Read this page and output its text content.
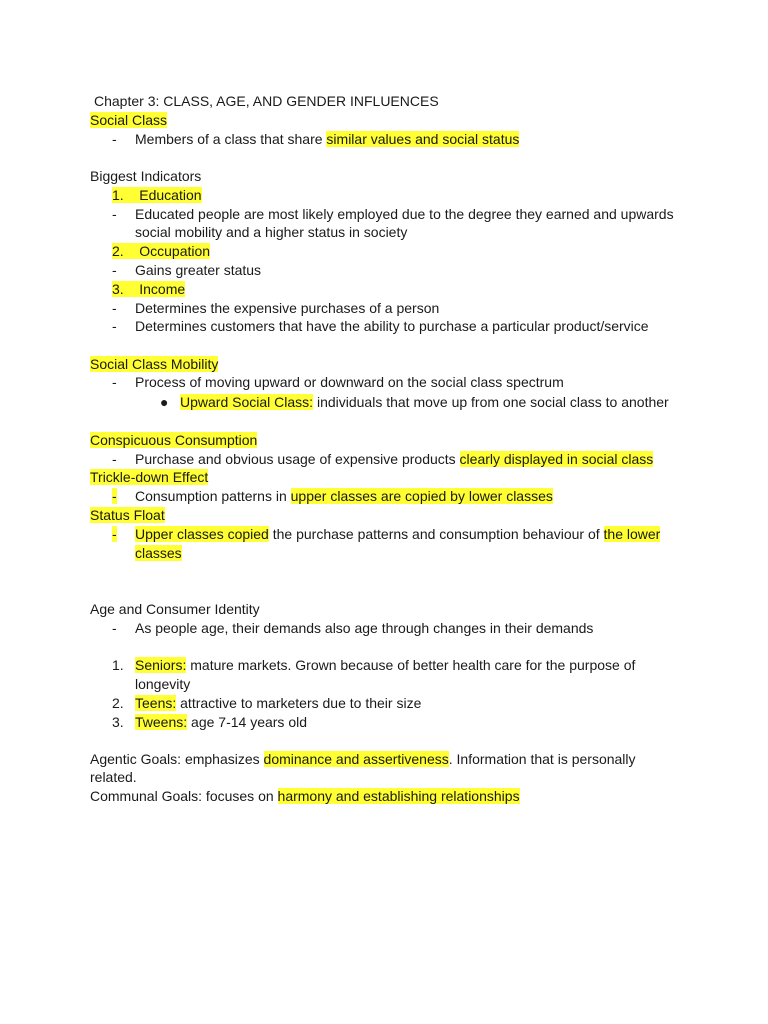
Chapter 3: CLASS, AGE, AND GENDER INFLUENCES
Social Class
- Members of a class that share similar values and social status
Biggest Indicators
1. Education
- Educated people are most likely employed due to the degree they earned and upwards
social mobility and a higher status in society
2. Occupation
- Gains greater status
3. Income
- Determines the expensive purchases of a person
- Determines customers that have the ability to purchase a particular product/service
Social Class Mobility
- Process of moving upward or downward on the social class spectrum
● Upward Social Class: individuals that move up from one social class to another
Conspicuous Consumption
- Purchase and obvious usage of expensive products clearly displayed in social class
Trickle-down Effect
- Consumption patterns in upper classes are copied by lower classes
Status Float
- Upper classes copied the purchase patterns and consumption behaviour of the lower
classes
Age and Consumer Identity
- As people age, their demands also age through changes in their demands
1. Seniors: mature markets. Grown because of better health care for the purpose of
longevity
2. Teens: attractive to marketers due to their size
3. Tweens: age 7-14 years old
Agentic Goals: emphasizes dominance and assertiveness. Information that is personally
related.
Communal Goals: focuses on harmony and establishing relationships
